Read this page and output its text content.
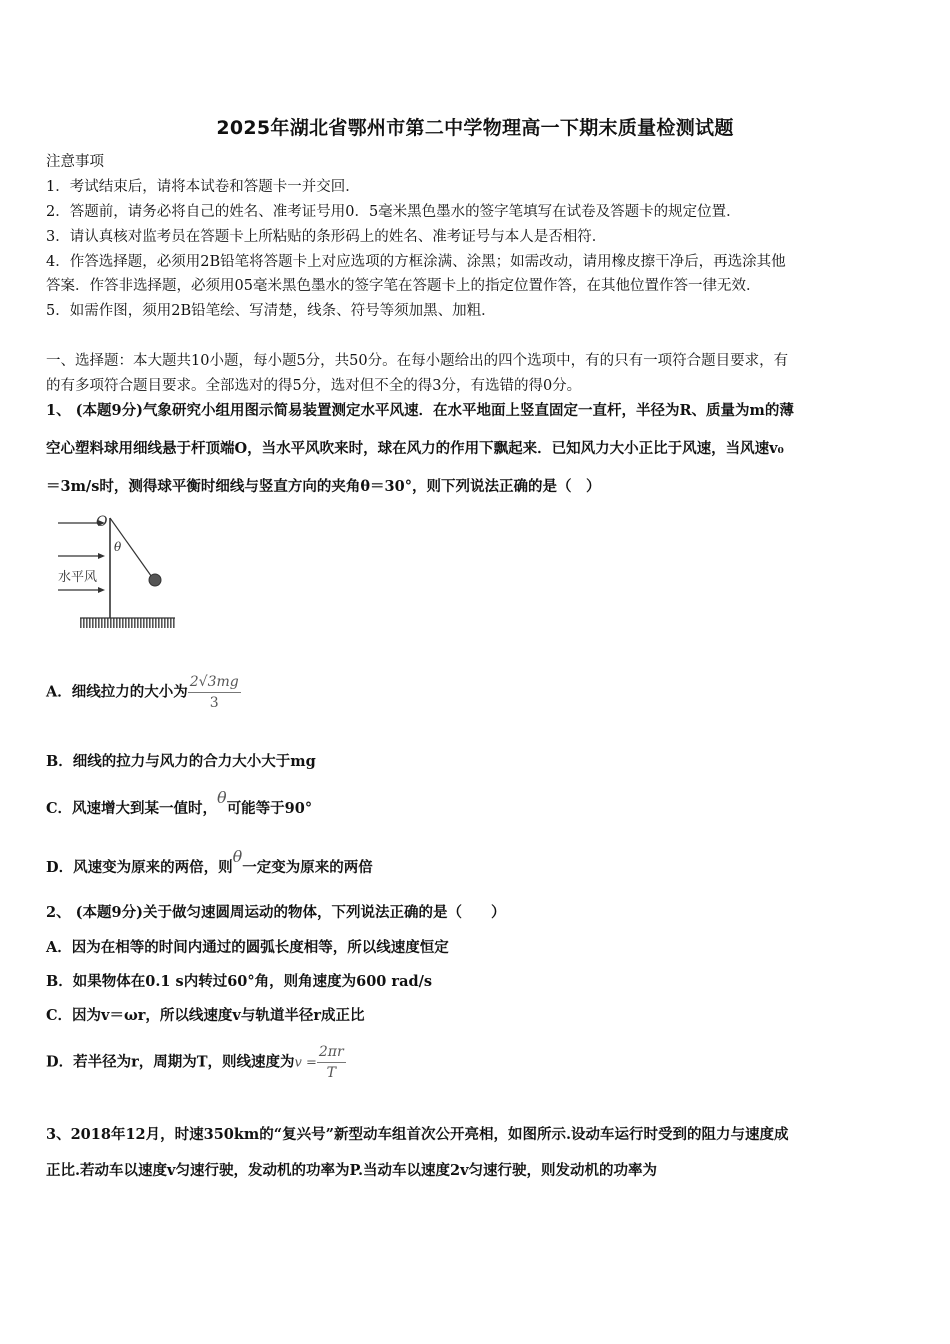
2025年湖北省鄂州市第二中学物理高一下期末质量检测试题
注意事项
1．考试结束后，请将本试卷和答题卡一并交回．
2．答题前，请务必将自己的姓名、准考证号用0．5毫米黑色墨水的签字笔填写在试卷及答题卡的规定位置．
3．请认真核对监考员在答题卡上所粘贴的条形码上的姓名、准考证号与本人是否相符．
4．作答选择题，必须用2B铅笔将答题卡上对应选项的方框涂满、涂黑；如需改动，请用橡皮擦干净后，再选涂其他
答案．作答非选择题，必须用05毫米黑色墨水的签字笔在答题卡上的指定位置作答，在其他位置作答一律无效．
5．如需作图，须用2B铅笔绘、写清楚，线条、符号等须加黑、加粗．
一、选择题：本大题共10小题，每小题5分，共50分。在每小题给出的四个选项中，有的只有一项符合题目要求，有
的有多项符合题目要求。全部选对的得5分，选对但不全的得3分，有选错的得0分。
1、 (本题9分)气象研究小组用图示简易装置测定水平风速．在水平地面上竖直固定一直杆，半径为R、质量为m的薄
空心塑料球用细线悬于杆顶端O，当水平风吹来时，球在风力的作用下飘起来．已知风力大小正比于风速，当风速v₀
＝3m/s时，测得球平衡时细线与竖直方向的夹角θ＝30°，则下列说法正确的是（　）
水平风
O
θ
A．细线拉力的大小为 $\frac{2√3mg}{3}$
B．细线的拉力与风力的合力大小大于mg
C．风速增大到某一值时，θ可能等于90°
D．风速变为原来的两倍，则θ一定变为原来的两倍
2、 (本题9分)关于做匀速圆周运动的物体，下列说法正确的是（　　）
A．因为在相等的时间内通过的圆弧长度相等，所以线速度恒定
B．如果物体在0.1 s内转过60°角，则角速度为600 rad/s
C．因为v＝ωr，所以线速度v与轨道半径r成正比
D．若半径为r，周期为T，则线速度为$v = \frac{2\pi r}{T}$
3、2018年12月，时速350km的“复兴号”新型动车组首次公开亮相，如图所示.设动车运行时受到的阻力与速度成
正比.若动车以速度v匀速行驶，发动机的功率为P.当动车以速度2v匀速行驶，则发动机的功率为
